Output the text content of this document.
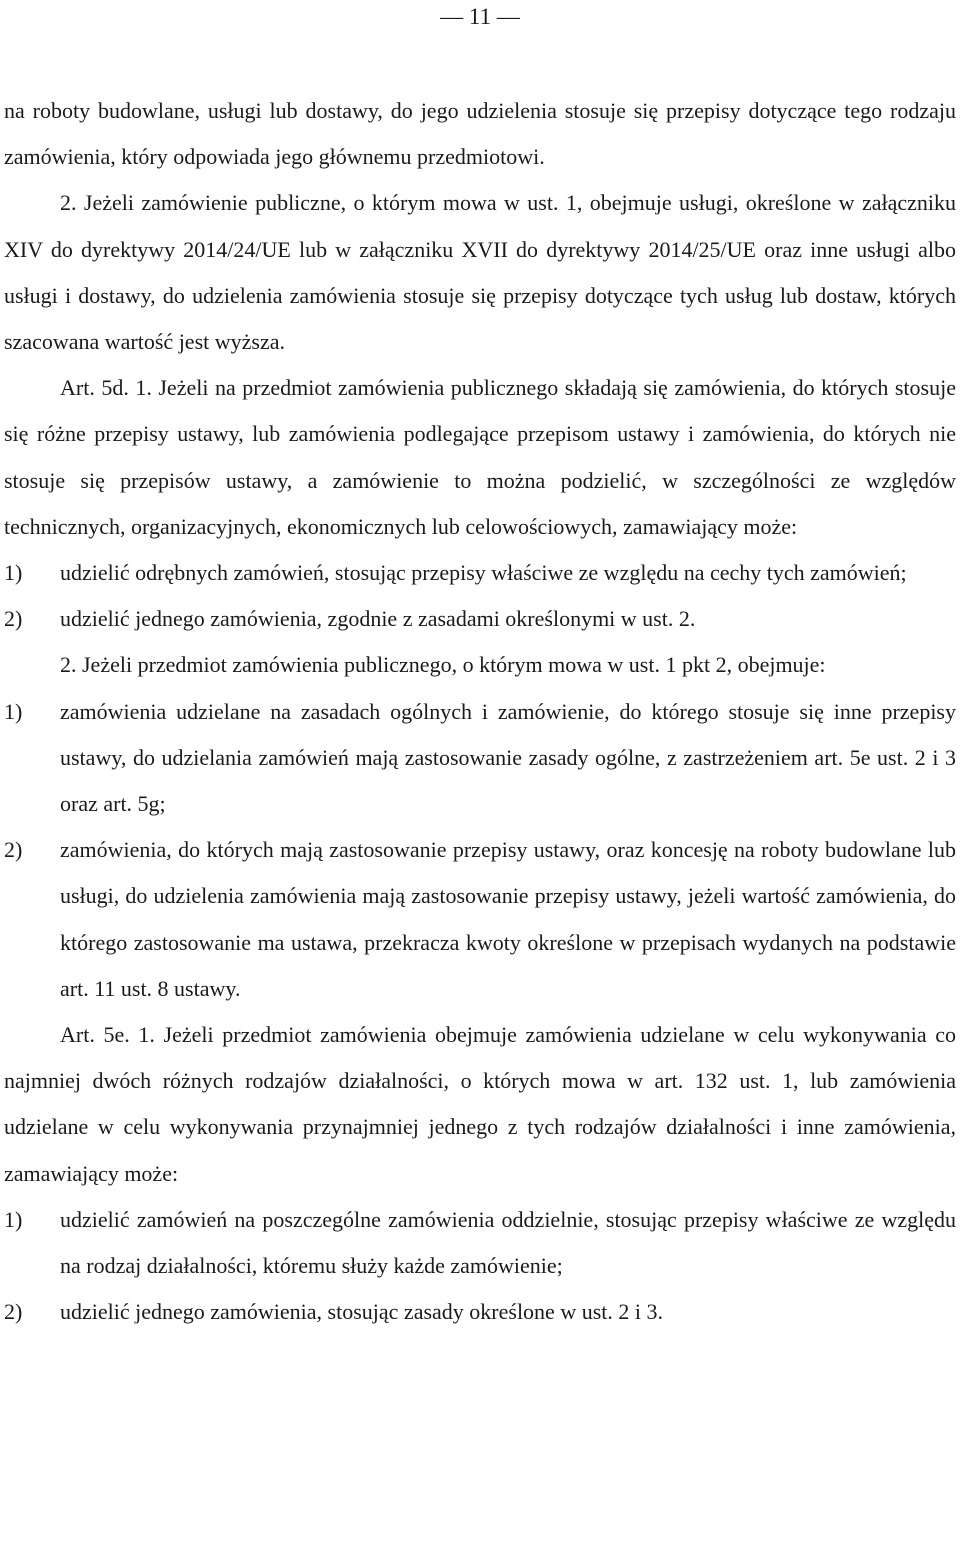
— 11 —

na roboty budowlane, usługi lub dostawy, do jego udzielenia stosuje się przepisy dotyczące tego rodzaju zamówienia, który odpowiada jego głównemu przedmiotowi.

2. Jeżeli zamówienie publiczne, o którym mowa w ust. 1, obejmuje usługi, określone w załączniku XIV do dyrektywy 2014/24/UE lub w załączniku XVII do dyrektywy 2014/25/UE oraz inne usługi albo usługi i dostawy, do udzielenia zamówienia stosuje się przepisy dotyczące tych usług lub dostaw, których szacowana wartość jest wyższa.

Art. 5d. 1. Jeżeli na przedmiot zamówienia publicznego składają się zamówienia, do których stosuje się różne przepisy ustawy, lub zamówienia podlegające przepisom ustawy i zamówienia, do których nie stosuje się przepisów ustawy, a zamówienie to można podzielić, w szczególności ze względów technicznych, organizacyjnych, ekonomicznych lub celowościowych, zamawiający może:

1)	udzielić odrębnych zamówień, stosując przepisy właściwe ze względu na cechy tych zamówień;
2)	udzielić jednego zamówienia, zgodnie z zasadami określonymi w ust. 2.

2. Jeżeli przedmiot zamówienia publicznego, o którym mowa w ust. 1 pkt 2, obejmuje:

1)	zamówienia udzielane na zasadach ogólnych i zamówienie, do którego stosuje się inne przepisy ustawy, do udzielania zamówień mają zastosowanie zasady ogólne, z zastrzeżeniem art. 5e ust. 2 i 3 oraz art. 5g;
2)	zamówienia, do których mają zastosowanie przepisy ustawy, oraz koncesję na roboty budowlane lub usługi, do udzielenia zamówienia mają zastosowanie przepisy ustawy, jeżeli wartość zamówienia, do którego zastosowanie ma ustawa, przekracza kwoty określone w przepisach wydanych na podstawie art. 11 ust. 8 ustawy.

Art. 5e. 1. Jeżeli przedmiot zamówienia obejmuje zamówienia udzielane w celu wykonywania co najmniej dwóch różnych rodzajów działalności, o których mowa w art. 132 ust. 1, lub zamówienia udzielane w celu wykonywania przynajmniej jednego z tych rodzajów działalności i inne zamówienia, zamawiający może:

1)	udzielić zamówień na poszczególne zamówienia oddzielnie, stosując przepisy właściwe ze względu na rodzaj działalności, któremu służy każde zamówienie;
2)	udzielić jednego zamówienia, stosując zasady określone w ust. 2 i 3.
